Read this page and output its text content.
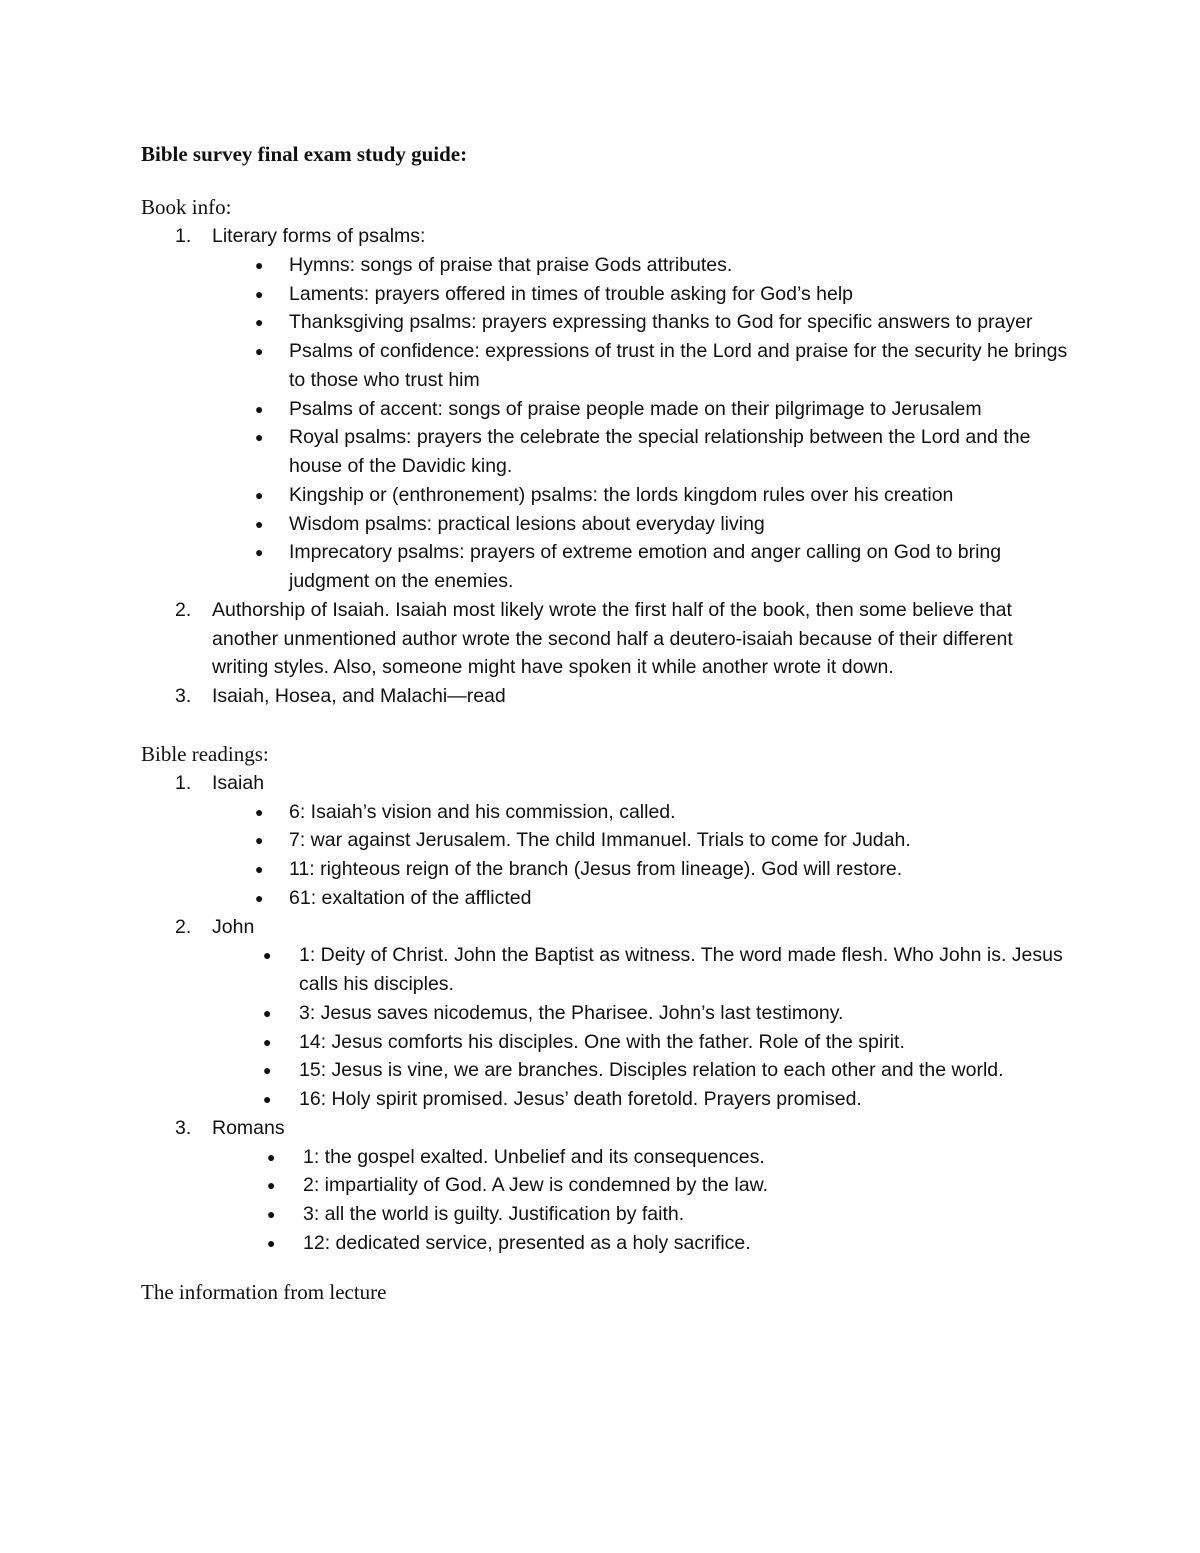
Bible survey final exam study guide:
Book info:
1. Literary forms of psalms:
● Hymns: songs of praise that praise Gods attributes.
● Laments: prayers offered in times of trouble asking for God’s help
● Thanksgiving psalms: prayers expressing thanks to God for specific answers to prayer
● Psalms of confidence: expressions of trust in the Lord and praise for the security he brings to those who trust him
● Psalms of accent: songs of praise people made on their pilgrimage to Jerusalem
● Royal psalms: prayers the celebrate the special relationship between the Lord and the house of the Davidic king.
● Kingship or (enthronement) psalms: the lords kingdom rules over his creation
● Wisdom psalms: practical lesions about everyday living
● Imprecatory psalms: prayers of extreme emotion and anger calling on God to bring judgment on the enemies.
2. Authorship of Isaiah. Isaiah most likely wrote the first half of the book, then some believe that another unmentioned author wrote the second half a deutero-isaiah because of their different writing styles. Also, someone might have spoken it while another wrote it down.
3. Isaiah, Hosea, and Malachi—read
Bible readings:
1. Isaiah
● 6: Isaiah’s vision and his commission, called.
● 7: war against Jerusalem. The child Immanuel. Trials to come for Judah.
● 11: righteous reign of the branch (Jesus from lineage). God will restore.
● 61: exaltation of the afflicted
2. John
● 1: Deity of Christ. John the Baptist as witness. The word made flesh. Who John is. Jesus calls his disciples.
● 3: Jesus saves nicodemus, the Pharisee. John’s last testimony.
● 14: Jesus comforts his disciples. One with the father. Role of the spirit.
● 15: Jesus is vine, we are branches. Disciples relation to each other and the world.
● 16: Holy spirit promised. Jesus’ death foretold. Prayers promised.
3. Romans
● 1: the gospel exalted. Unbelief and its consequences.
● 2: impartiality of God. A Jew is condemned by the law.
● 3: all the world is guilty. Justification by faith.
● 12: dedicated service, presented as a holy sacrifice.
The information from lecture
